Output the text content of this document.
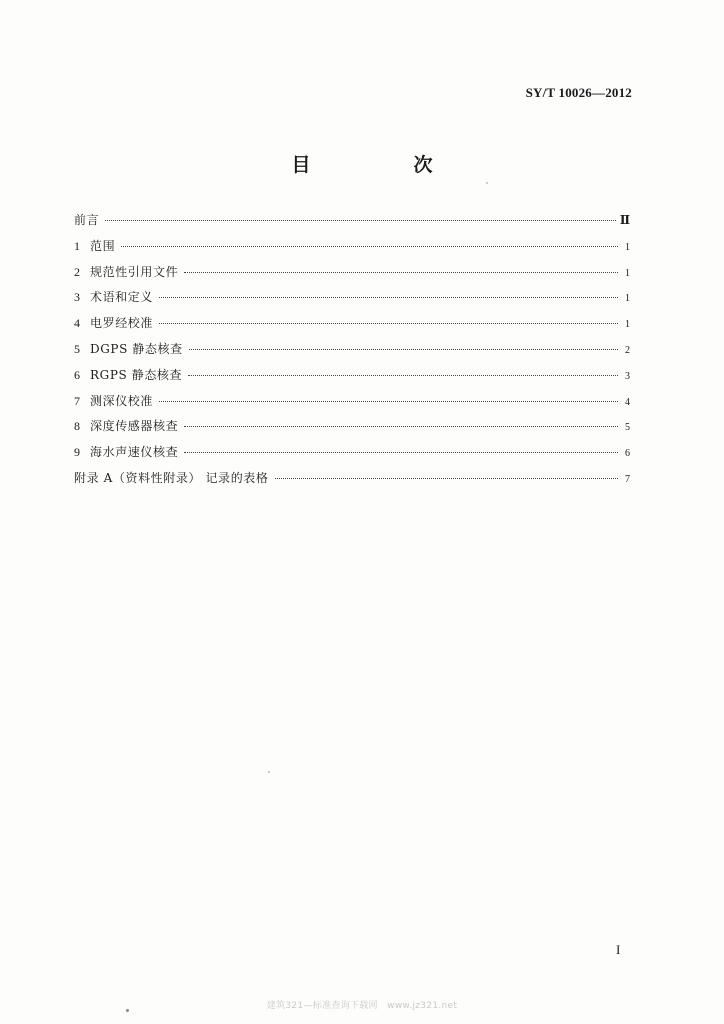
SY/T 10026—2012
目　次
前言	Ⅱ
1 范围	1
2 规范性引用文件	1
3 术语和定义	1
4 电罗经校准	1
5 DGPS 静态核查	2
6 RGPS 静态核查	3
7 测深仪校准	4
8 深度传感器核查	5
9 海水声速仪核查	6
附录 A（资料性附录） 记录的表格	7
I
建筑321—标准查询下载网　www.jz321.net
